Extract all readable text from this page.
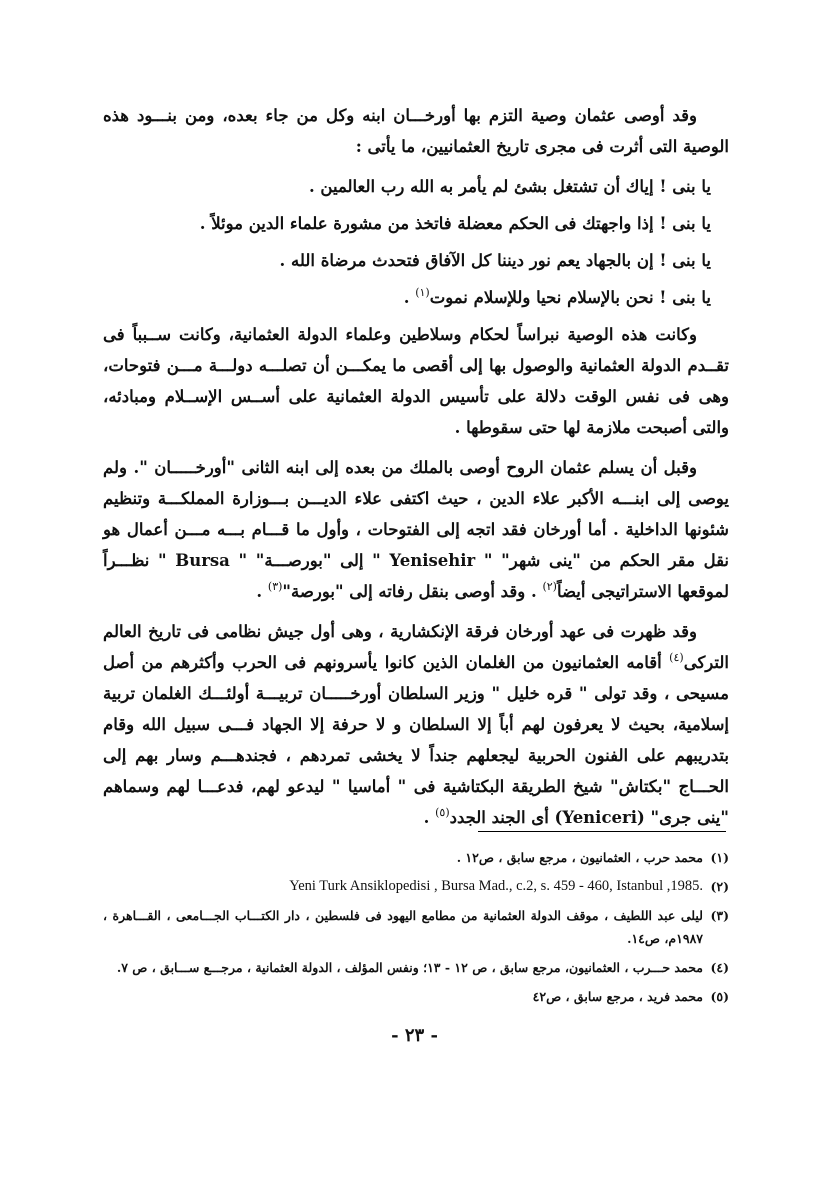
وقد أوصى عثمان وصية التزم بها أورخـــان ابنه وكل من جاء بعده، ومن بنـــود هذه الوصية التى أثرت فى مجرى تاريخ العثمانيين، ما يأتى :

يا بنى ! إياك أن تشتغل بشئ لم يأمر به الله رب العالمين .

يا بنى ! إذا واجهتك فى الحكم معضلة فاتخذ من مشورة علماء الدين موئلاً .

يا بنى ! إن بالجهاد يعم نور ديننا كل الآفاق فتحدث مرضاة الله .

يا بنى ! نحن بالإسلام نحيا وللإسلام نموت$^{(١)}$ .

وكانت هذه الوصية نبراساً لحكام وسلاطين وعلماء الدولة العثمانية، وكانت ســبباً فى تقــدم الدولة العثمانية والوصول بها إلى أقصى ما يمكـــن أن تصلـــه دولـــة مـــن فتوحات، وهى فى نفس الوقت دلالة على تأسيس الدولة العثمانية على أســس الإســلام ومبادئه، والتى أصبحت ملازمة لها حتى سقوطها .

وقبل أن يسلم عثمان الروح أوصى بالملك من بعده إلى ابنه الثانى "أورخـــــان ". ولم يوصى إلى ابنـــه الأكبر علاء الدين ، حيث اكتفى علاء الديـــن بـــوزارة المملكـــة وتنظيم شئونها الداخلية . أما أورخان فقد اتجه إلى الفتوحات ، وأول ما قـــام بـــه مـــن أعمال هو نقل مقر الحكم من "ينى شهر" " Yenisehir " إلى "بورصـــة" " Bursa " نظـــراً لموقعها الاستراتيجى أيضاً$^{(٢)}$ . وقد أوصى بنقل رفاته إلى "بورصة"$^{(٣)}$ .

وقد ظهرت فى عهد أورخان فرقة الإنكشارية ، وهى أول جيش نظامى فى تاريخ العالم التركى$^{(٤)}$ أقامه العثمانيون من الغلمان الذين كانوا يأسرونهم فى الحرب وأكثرهم من أصل مسيحى ، وقد تولى " قره خليل " وزير السلطان أورخـــــان تربيـــة أولئـــك الغلمان تربية إسلامية، بحيث لا يعرفون لهم أباً إلا السلطان و لا حرفة إلا الجهاد فـــى سبيل الله وقام بتدريبهم على الفنون الحربية ليجعلهم جنداً لا يخشى تمردهم ، فجندهـــم وسار بهم إلى الحـــاج "بكتاش" شيخ الطريقة البكتاشية فى " أماسيا " ليدعو لهم، فدعـــا لهم وسماهم "ينى جرى" (Yeniceri) أى الجند الجدد$^{(٥)}$ .

(١)
محمد حرب ، العثمانيون ، مرجع سابق ، ص١٢ .
(٢)
Yeni Turk Ansiklopedisi , Bursa Mad., c.2, s. 459 - 460, Istanbul ,1985.
(٣)
ليلى عبد اللطيف ، موقف الدولة العثمانية من مطامع اليهود فى فلسطين ، دار الكتـــاب الجـــامعى ، القـــاهرة ، ١٩٨٧م، ص١٤.
(٤)
محمد حـــرب ، العثمانيون، مرجع سابق ، ص ١٢ - ١٣؛ ونفس المؤلف ، الدولة العثمانية ، مرجـــع ســـابق ، ص ٧.
(٥)
محمد فريد ، مرجع سابق ، ص٤٢
- ٢٣ -
